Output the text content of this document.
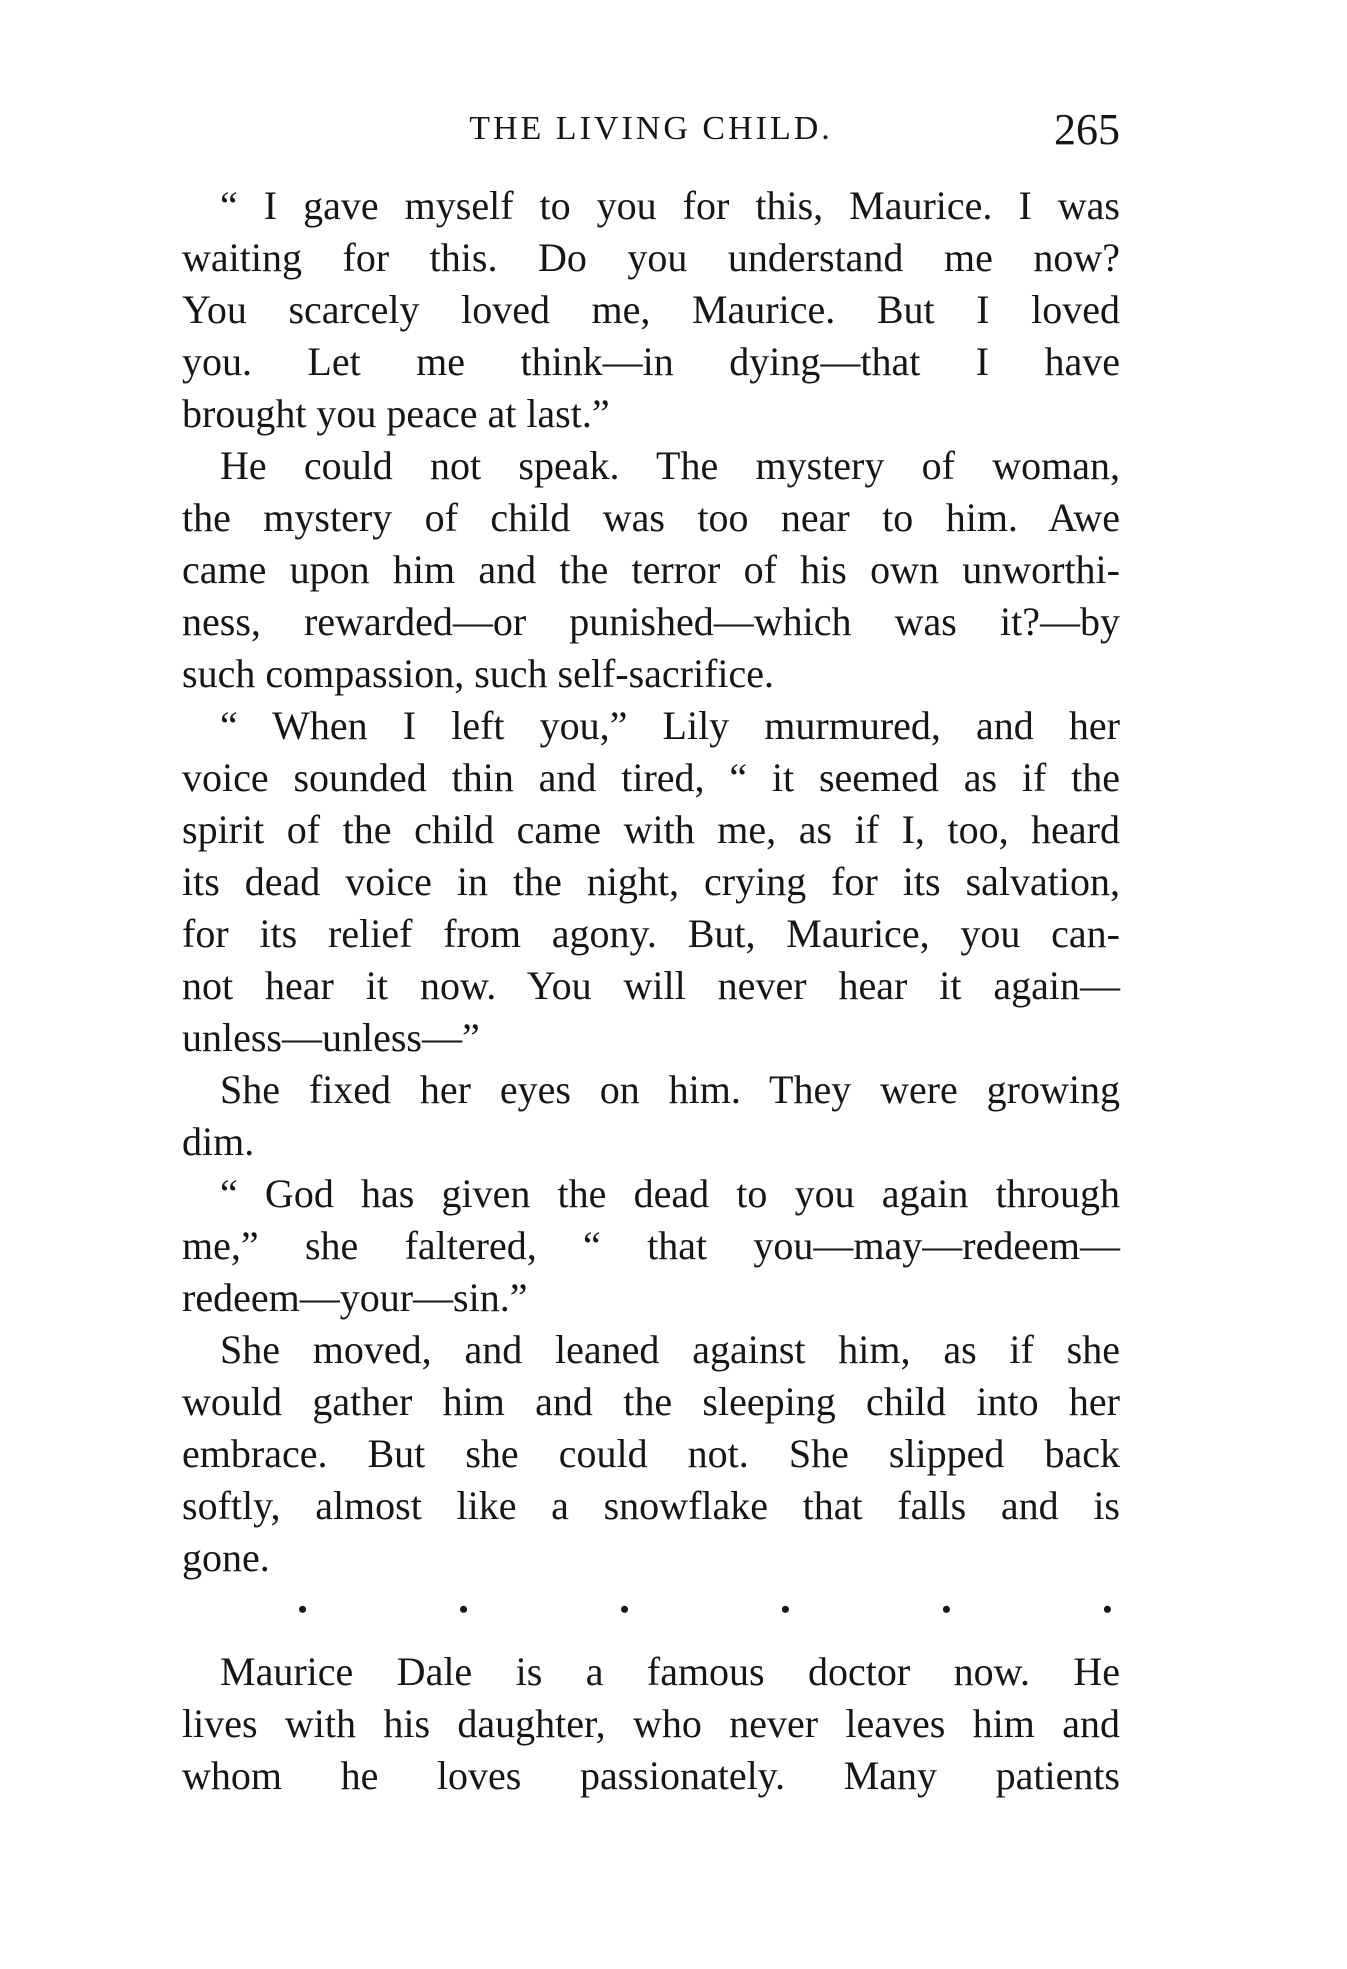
THE LIVING CHILD.	265
“ I gave myself to you for this, Maurice. I was
waiting for this. Do you understand me now?
You scarcely loved me, Maurice. But I loved
you. Let me think—in dying—that I have
brought you peace at last.”
He could not speak. The mystery of woman,
the mystery of child was too near to him. Awe
came upon him and the terror of his own unworthi-
ness, rewarded—or punished—which was it?—by
such compassion, such self-sacrifice.
“ When I left you,” Lily murmured, and her
voice sounded thin and tired, “ it seemed as if the
spirit of the child came with me, as if I, too, heard
its dead voice in the night, crying for its salvation,
for its relief from agony. But, Maurice, you can-
not hear it now. You will never hear it again—
unless—unless—”
She fixed her eyes on him. They were growing
dim.
“ God has given the dead to you again through
me,” she faltered, “ that you—may—redeem—
redeem—your—sin.”
She moved, and leaned against him, as if she
would gather him and the sleeping child into her
embrace. But she could not. She slipped back
softly, almost like a snowflake that falls and is
gone.
•	•	•	•	•	•
Maurice Dale is a famous doctor now. He
lives with his daughter, who never leaves him and
whom he loves passionately. Many patients
